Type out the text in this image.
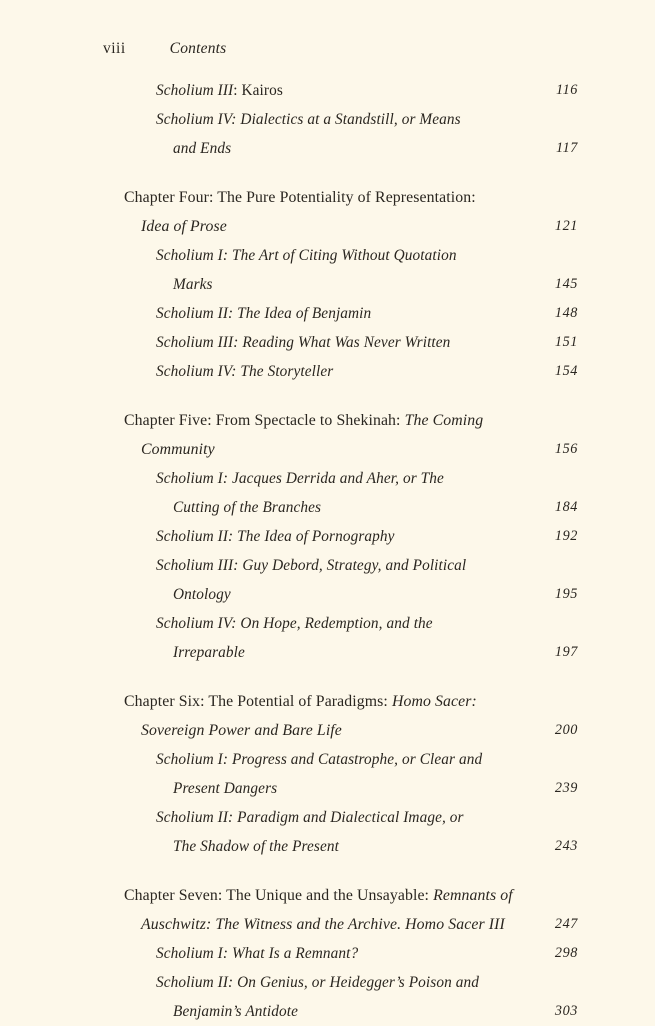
viii	Contents
Scholium III: Kairos	116
Scholium IV: Dialectics at a Standstill, or Means
and Ends	117
Chapter Four: The Pure Potentiality of Representation:
Idea of Prose	121
Scholium I: The Art of Citing Without Quotation
Marks	145
Scholium II: The Idea of Benjamin	148
Scholium III: Reading What Was Never Written	151
Scholium IV: The Storyteller	154
Chapter Five: From Spectacle to Shekinah: The Coming
Community	156
Scholium I: Jacques Derrida and Aher, or The
Cutting of the Branches	184
Scholium II: The Idea of Pornography	192
Scholium III: Guy Debord, Strategy, and Political
Ontology	195
Scholium IV: On Hope, Redemption, and the
Irreparable	197
Chapter Six: The Potential of Paradigms: Homo Sacer:
Sovereign Power and Bare Life	200
Scholium I: Progress and Catastrophe, or Clear and
Present Dangers	239
Scholium II: Paradigm and Dialectical Image, or
The Shadow of the Present	243
Chapter Seven: The Unique and the Unsayable: Remnants of
Auschwitz: The Witness and the Archive. Homo Sacer III	247
Scholium I: What Is a Remnant?	298
Scholium II: On Genius, or Heidegger’s Poison and
Benjamin’s Antidote	303
